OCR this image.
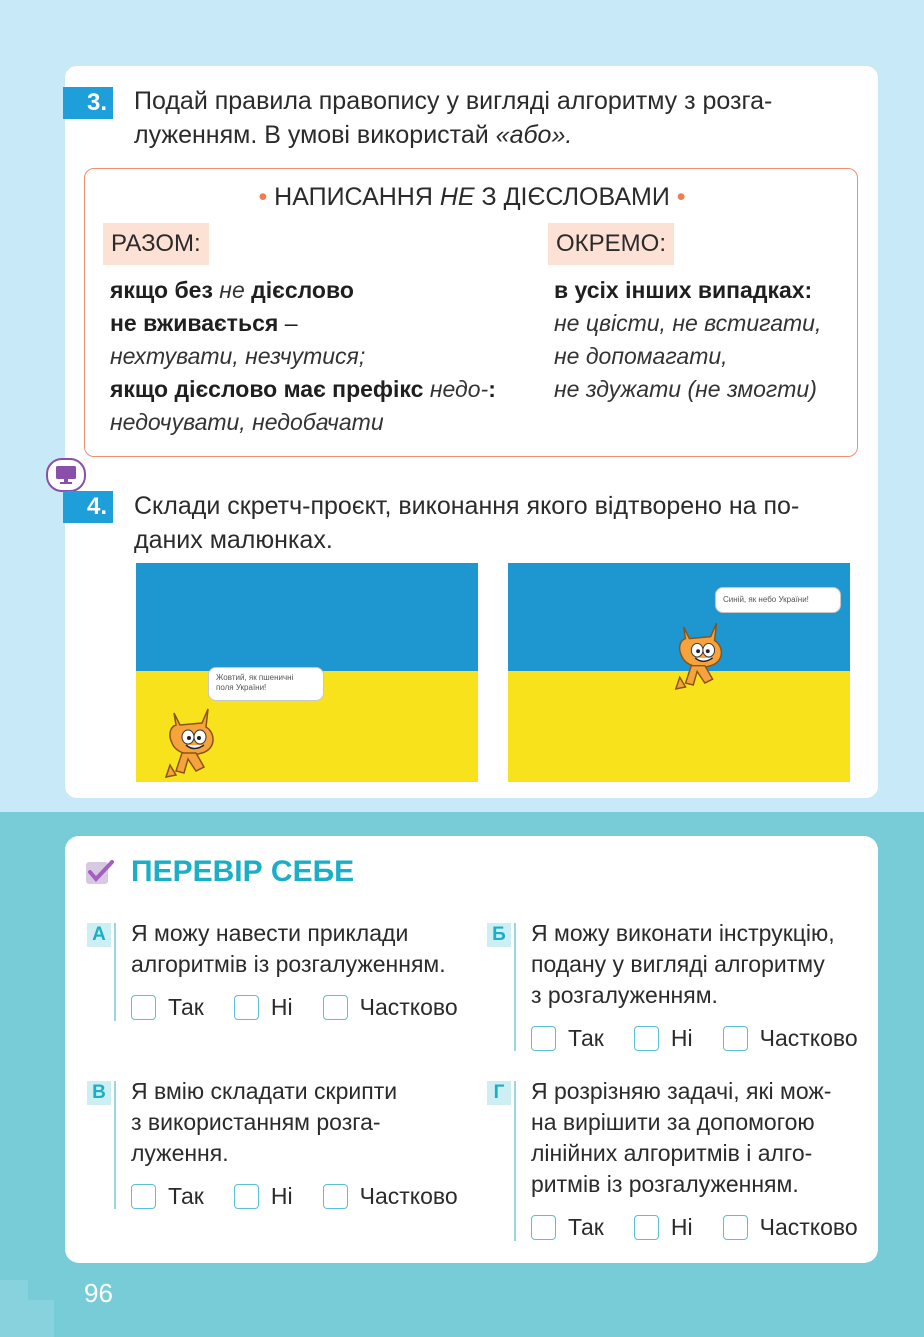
3. Подай правила правопису у вигляді алгоритму з розга-
луженням. В умові використай «або».
• НАПИСАННЯ НЕ З ДІЄСЛОВАМИ •
РАЗОМ:	ОКРЕМО:
якщо без не дієслово
не вживається –
нехтувати, незчутися;
якщо дієслово має префікс недо-:
недочувати, недобачати
в усіх інших випадках:
не цвісти, не встигати,
не допомагати,
не здужати (не змогти)
4. Склади скретч-проєкт, виконання якого відтворено на по-
даних малюнках.
Жовтий, як пшеничні
поля України!
Синій, як небо України!
ПЕРЕВІР СЕБЕ
А Я можу навести приклади
алгоритмів із розгалуженням.
Так	Ні	Частково
Б Я можу виконати інструкцію,
подану у вигляді алгоритму
з розгалуженням.
Так	Ні	Частково
В Я вмію складати скрипти
з використанням розга-
луження.
Так	Ні	Частково
Г Я розрізняю задачі, які мож-
на вирішити за допомогою
лінійних алгоритмів і алго-
ритмів із розгалуженням.
Так	Ні	Частково
96
